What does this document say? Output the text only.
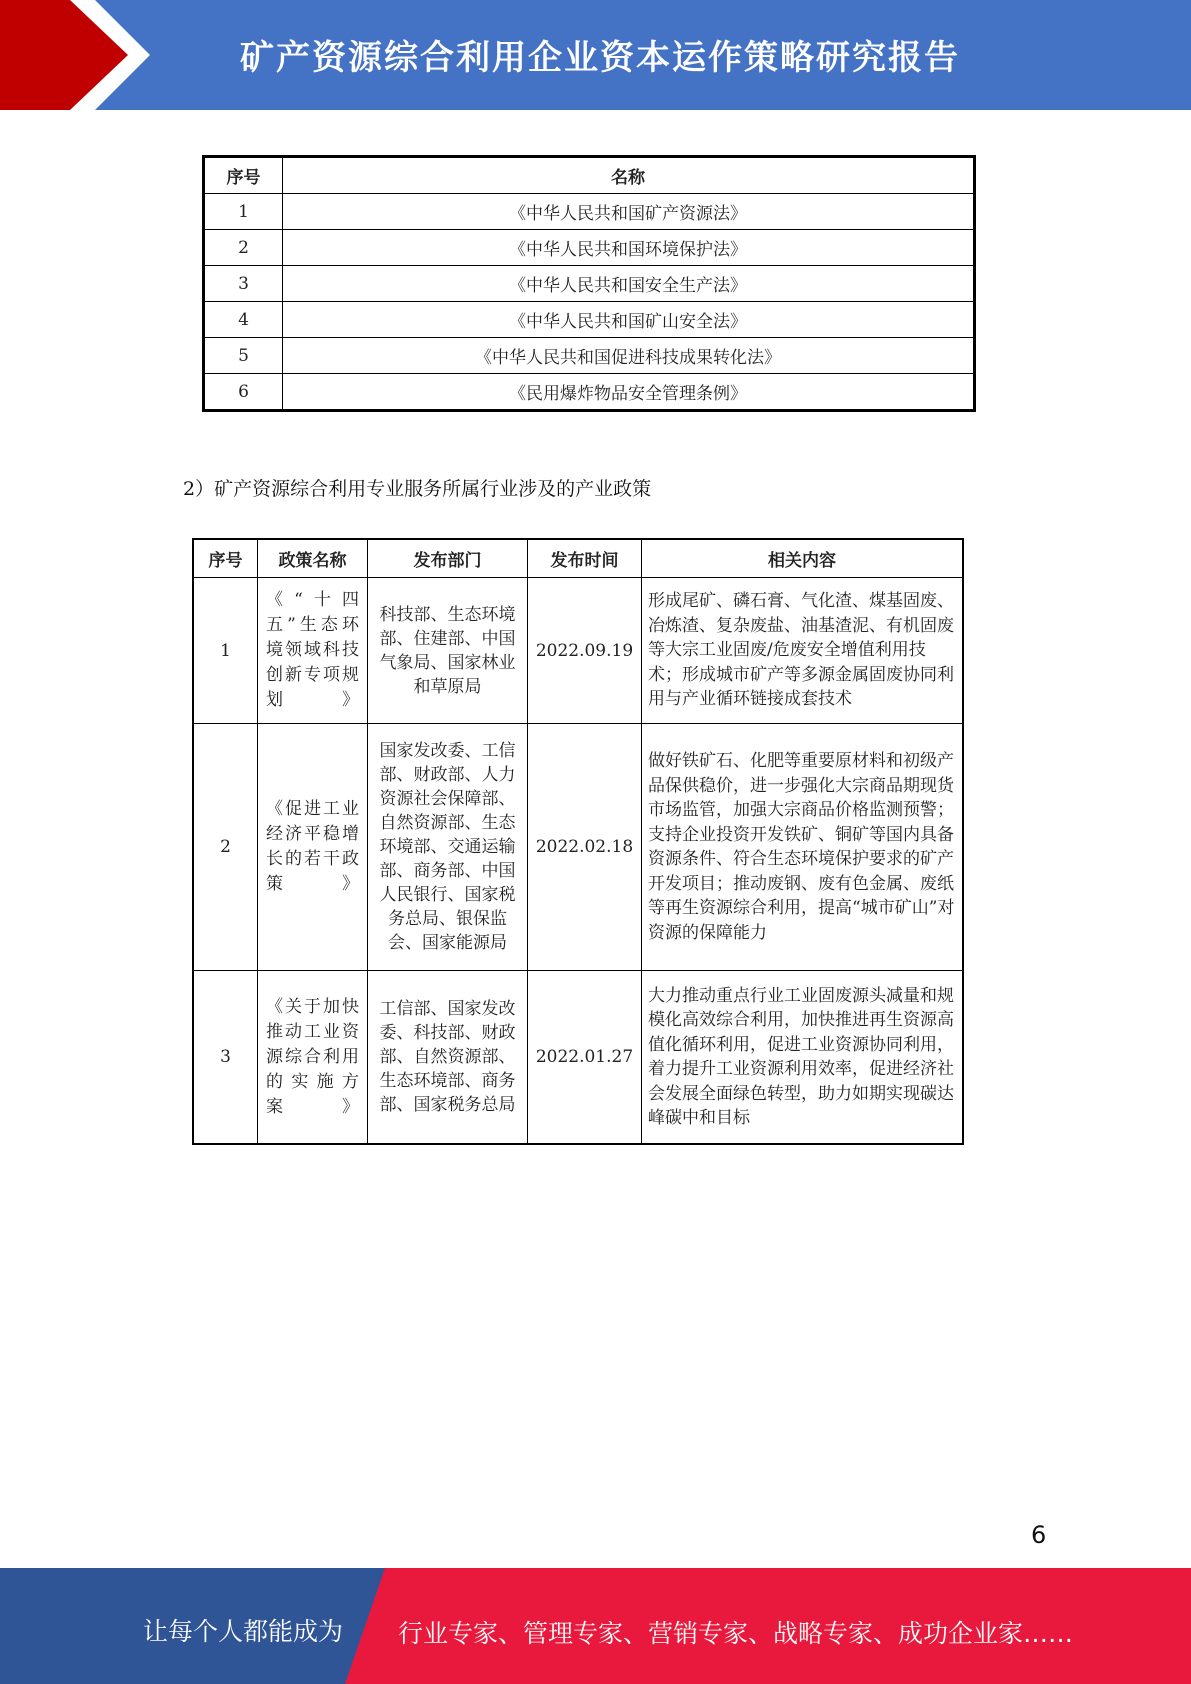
矿产资源综合利用企业资本运作策略研究报告
序号	名称
1	《中华人民共和国矿产资源法》
2	《中华人民共和国环境保护法》
3	《中华人民共和国安全生产法》
4	《中华人民共和国矿山安全法》
5	《中华人民共和国促进科技成果转化法》
6	《民用爆炸物品安全管理条例》
2）矿产资源综合利用专业服务所属行业涉及的产业政策
序号	政策名称	发布部门	发布时间	相关内容
1	《“十四五”生态环境领域科技创新专项规划》	科技部、生态环境部、住建部、中国气象局、国家林业和草原局	2022.09.19	形成尾矿、磷石膏、气化渣、煤基固废、冶炼渣、复杂废盐、油基渣泥、有机固废等大宗工业固废/危废安全增值利用技术；形成城市矿产等多源金属固废协同利用与产业循环链接成套技术
2	《促进工业经济平稳增长的若干政策》	国家发改委、工信部、财政部、人力资源社会保障部、自然资源部、生态环境部、交通运输部、商务部、中国人民银行、国家税务总局、银保监会、国家能源局	2022.02.18	做好铁矿石、化肥等重要原材料和初级产品保供稳价，进一步强化大宗商品期现货市场监管，加强大宗商品价格监测预警；支持企业投资开发铁矿、铜矿等国内具备资源条件、符合生态环境保护要求的矿产开发项目；推动废钢、废有色金属、废纸等再生资源综合利用，提高“城市矿山”对资源的保障能力
3	《关于加快推动工业资源综合利用的实施方案》	工信部、国家发改委、科技部、财政部、自然资源部、生态环境部、商务部、国家税务总局	2022.01.27	大力推动重点行业工业固废源头减量和规模化高效综合利用，加快推进再生资源高值化循环利用，促进工业资源协同利用，着力提升工业资源利用效率，促进经济社会发展全面绿色转型，助力如期实现碳达峰碳中和目标
6
让每个人都能成为 行业专家、管理专家、营销专家、战略专家、成功企业家……
